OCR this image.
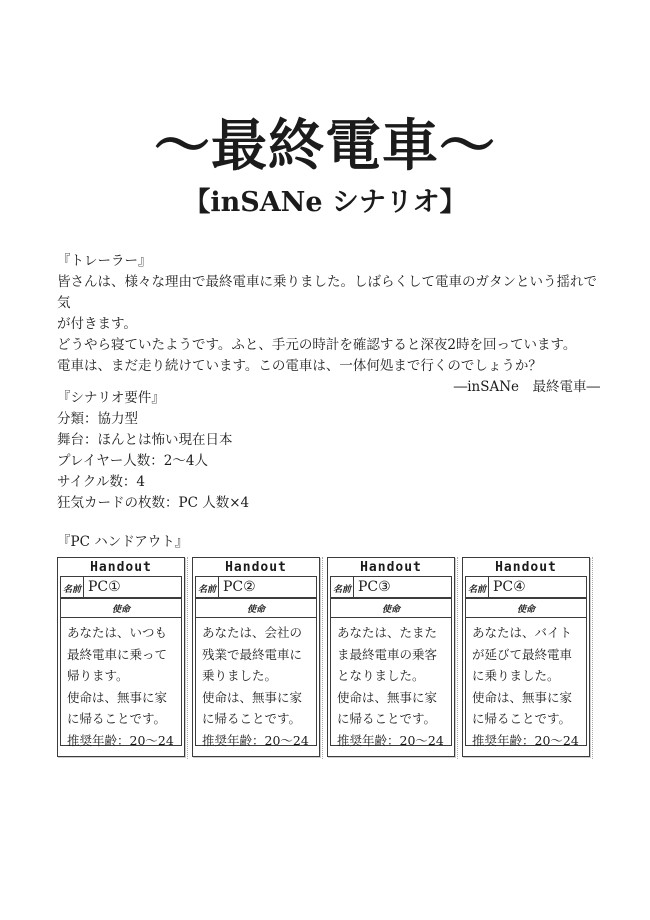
〜最終電車〜
【inSANe シナリオ】
『トレーラー』
皆さんは、様々な理由で最終電車に乗りました。しばらくして電車のガタンという揺れで気
が付きます。
どうやら寝ていたようです。ふと、手元の時計を確認すると深夜2時を回っています。
電車は、まだ走り続けています。この電車は、一体何処まで行くのでしょうか？
―inSANe　最終電車―
『シナリオ要件』
分類：協力型
舞台：ほんとは怖い現在日本
プレイヤー人数：2～4人
サイクル数：4
狂気カードの枚数：PC 人数×4
『PC ハンドアウト』
Handout
名前 PC①
使命
あなたは、いつも
最終電車に乗って
帰ります。
使命は、無事に家
に帰ることです。
推奨年齢：20～24
Handout
名前 PC②
使命
あなたは、会社の
残業で最終電車に
乗りました。
使命は、無事に家
に帰ることです。
推奨年齢：20～24
Handout
名前 PC③
使命
あなたは、たまた
ま最終電車の乗客
となりました。
使命は、無事に家
に帰ることです。
推奨年齢：20～24
Handout
名前 PC④
使命
あなたは、バイト
が延びて最終電車
に乗りました。
使命は、無事に家
に帰ることです。
推奨年齢：20～24
